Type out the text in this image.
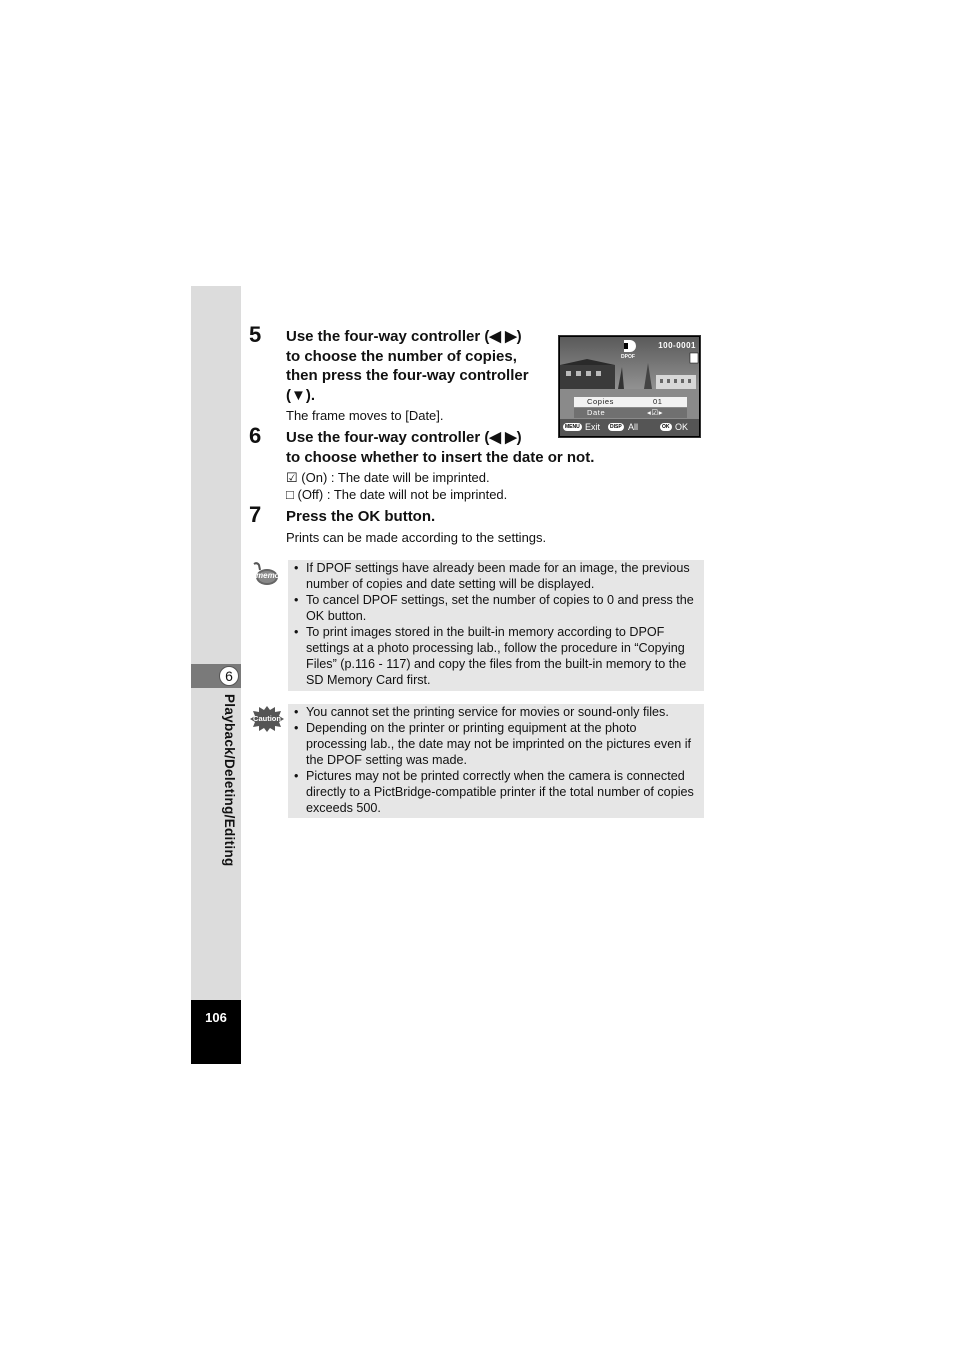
6
Playback/Deleting/Editing
106
5 Use the four-way controller (◀ ▶)
to choose the number of copies,
then press the four-way controller
(▼).
The frame moves to [Date].
100-0001
DPOF
Copies	01
Date	◂☑▸
MENU Exit	DISP All	OK OK
6 Use the four-way controller (◀ ▶)
to choose whether to insert the date or not.
☑ (On) : The date will be imprinted.
□ (Off) : The date will not be imprinted.
7 Press the OK button.
Prints can be made according to the settings.
memo
• If DPOF settings have already been made for an image, the previous number of copies and date setting will be displayed.
• To cancel DPOF settings, set the number of copies to 0 and press the OK button.
• To print images stored in the built-in memory according to DPOF settings at a photo processing lab., follow the procedure in “Copying Files” (p.116 - 117) and copy the files from the built-in memory to the SD Memory Card first.
Caution
•	You cannot set the printing service for movies or sound-only files.
• Depending on the printer or printing equipment at the photo processing lab., the date may not be imprinted on the pictures even if the DPOF setting was made.
• Pictures may not be printed correctly when the camera is connected directly to a PictBridge-compatible printer if the total number of copies exceeds 500.
